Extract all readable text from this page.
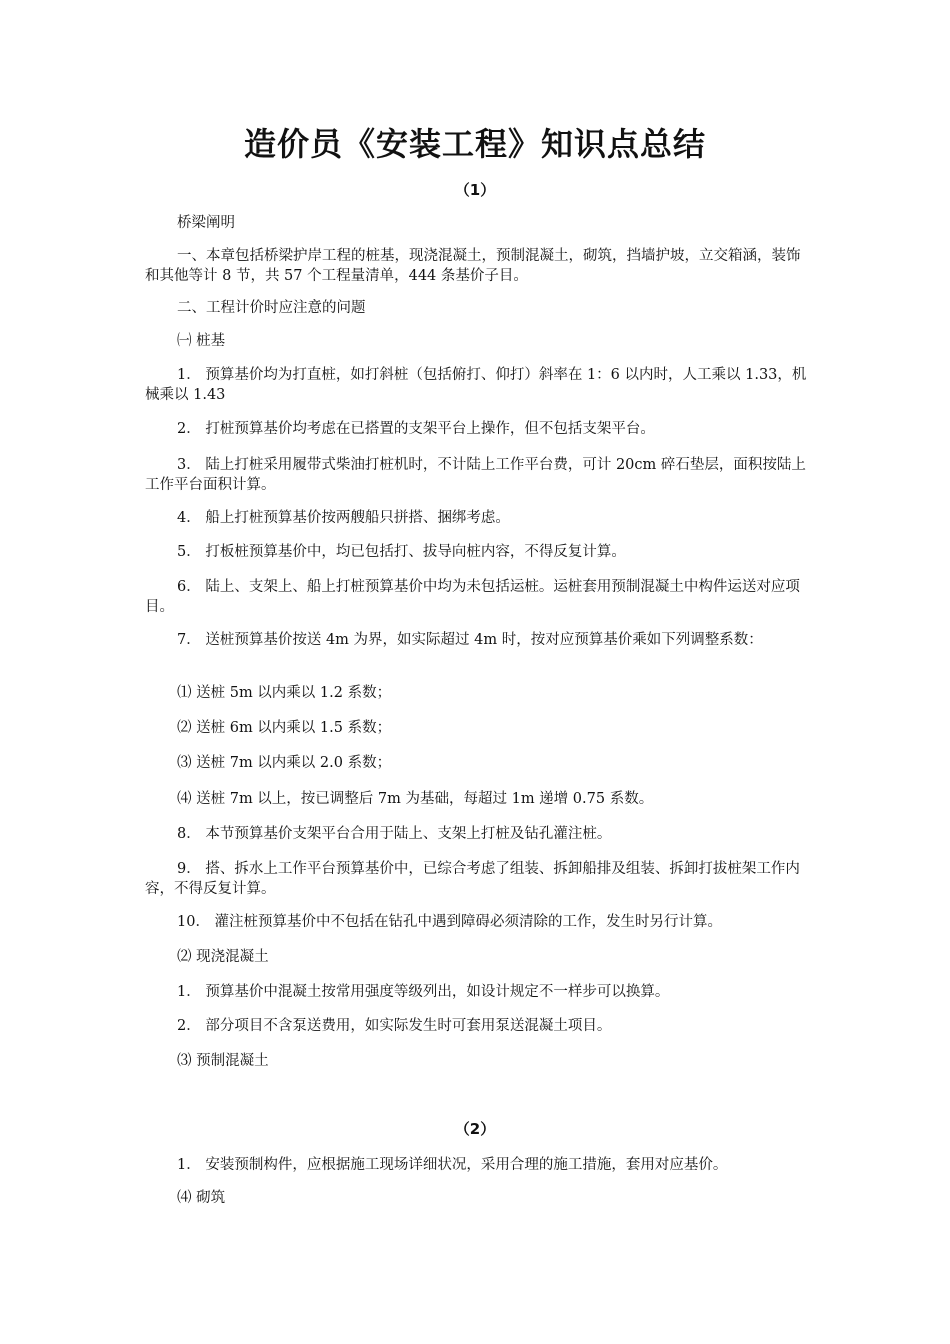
造价员《安装工程》知识点总结
（1）

桥梁阐明

一、本章包括桥梁护岸工程的桩基，现浇混凝土，预制混凝土，砌筑，挡墙护坡，立交箱涵，装饰和其他等计 8 节，共 57 个工程量清单，444 条基价子目。

二、工程计价时应注意的问题

㈠ 桩基

1． 预算基价均为打直桩，如打斜桩（包括俯打、仰打）斜率在 1：6 以内时，人工乘以 1.33，机械乘以 1.43

2． 打桩预算基价均考虑在已搭置的支架平台上操作，但不包括支架平台。

3． 陆上打桩采用履带式柴油打桩机时，不计陆上工作平台费，可计 20cm 碎石垫层，面积按陆上工作平台面积计算。

4． 船上打桩预算基价按两艘船只拼搭、捆绑考虑。

5． 打板桩预算基价中，均已包括打、拔导向桩内容，不得反复计算。

6． 陆上、支架上、船上打桩预算基价中均为未包括运桩。运桩套用预制混凝土中构件运送对应项目。

7． 送桩预算基价按送 4m 为界，如实际超过 4m 时，按对应预算基价乘如下列调整系数：

⑴ 送桩 5m 以内乘以 1.2 系数；

⑵ 送桩 6m 以内乘以 1.5 系数；

⑶ 送桩 7m 以内乘以 2.0 系数；

⑷ 送桩 7m 以上，按已调整后 7m 为基础，每超过 1m 递增 0.75 系数。

8． 本节预算基价支架平台合用于陆上、支架上打桩及钻孔灌注桩。

9． 搭、拆水上工作平台预算基价中，已综合考虑了组装、拆卸船排及组装、拆卸打拔桩架工作内容，不得反复计算。

10． 灌注桩预算基价中不包括在钻孔中遇到障碍必须清除的工作，发生时另行计算。

⑵ 现浇混凝土

1． 预算基价中混凝土按常用强度等级列出，如设计规定不一样步可以换算。

2． 部分项目不含泵送费用，如实际发生时可套用泵送混凝土项目。

⑶ 预制混凝土

（2）

1． 安装预制构件，应根据施工现场详细状况，采用合理的施工措施，套用对应基价。

⑷ 砌筑
